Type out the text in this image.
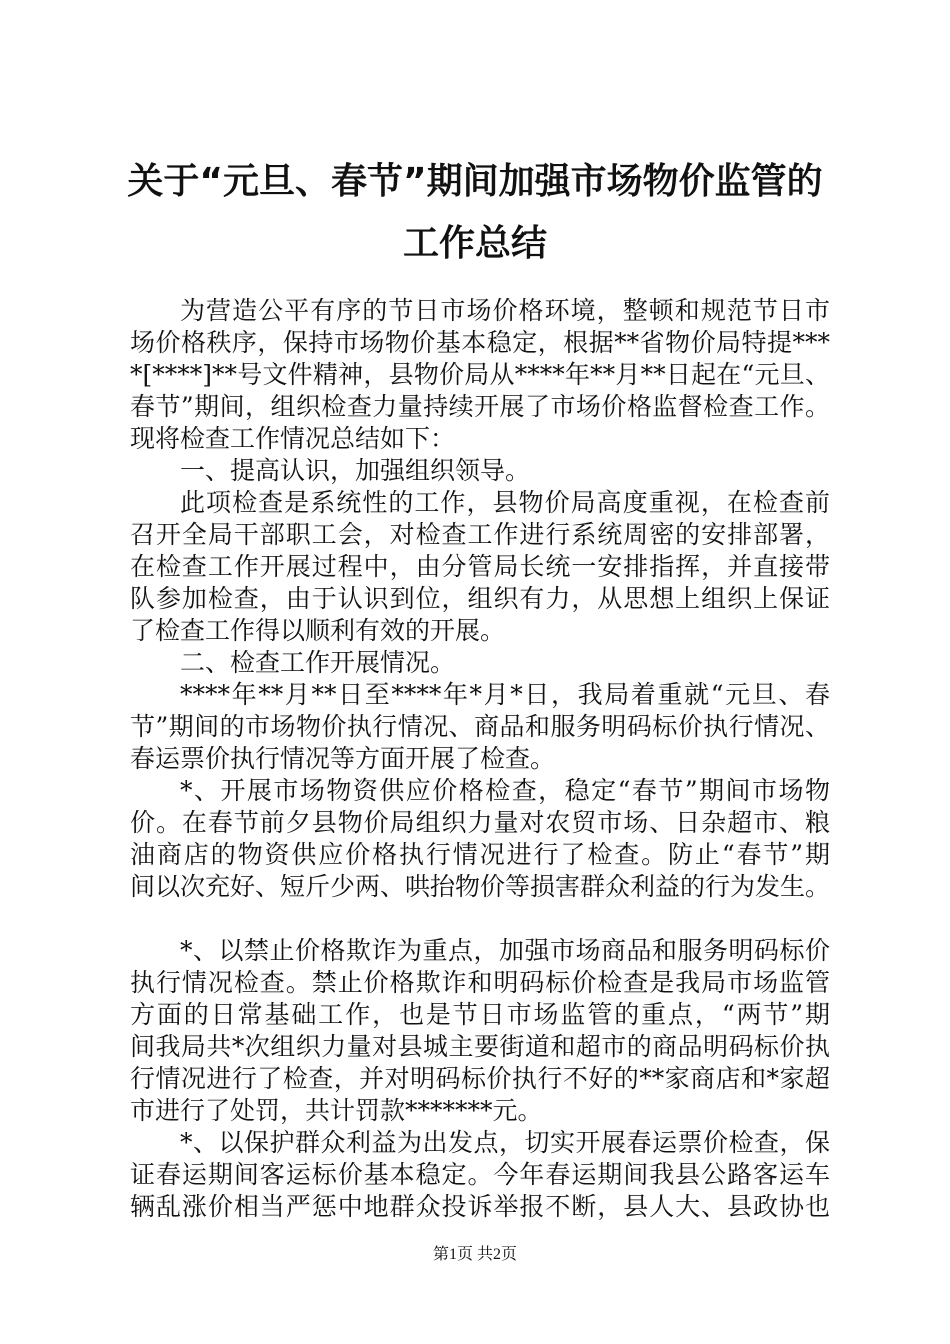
关于“元旦、春节”期间加强市场物价监管的
工作总结
为营造公平有序的节日市场价格环境，整顿和规范节日市
场价格秩序，保持市场物价基本稳定，根据**省物价局特提***
*[****]**号文件精神，县物价局从****年**月**日起在“元旦、
春节”期间，组织检查力量持续开展了市场价格监督检查工作。
现将检查工作情况总结如下：
一、提高认识，加强组织领导。
此项检查是系统性的工作，县物价局高度重视，在检查前
召开全局干部职工会，对检查工作进行系统周密的安排部署，
在检查工作开展过程中，由分管局长统一安排指挥，并直接带
队参加检查，由于认识到位，组织有力，从思想上组织上保证
了检查工作得以顺利有效的开展。
二、检查工作开展情况。
****年**月**日至****年*月*日，我局着重就“元旦、春
节”期间的市场物价执行情况、商品和服务明码标价执行情况、
春运票价执行情况等方面开展了检查。
*、开展市场物资供应价格检查，稳定“春节”期间市场物
价。在春节前夕县物价局组织力量对农贸市场、日杂超市、粮
油商店的物资供应价格执行情况进行了检查。防止“春节”期
间以次充好、短斤少两、哄抬物价等损害群众利益的行为发生。
*、以禁止价格欺诈为重点，加强市场商品和服务明码标价
执行情况检查。禁止价格欺诈和明码标价检查是我局市场监管
方面的日常基础工作，也是节日市场监管的重点，“两节”期
间我局共*次组织力量对县城主要街道和超市的商品明码标价执
行情况进行了检查，并对明码标价执行不好的**家商店和*家超
市进行了处罚，共计罚款*******元。
*、以保护群众利益为出发点，切实开展春运票价检查，保
证春运期间客运标价基本稳定。今年春运期间我县公路客运车
辆乱涨价相当严惩中地群众投诉举报不断，县人大、县政协也
第1页 共2页
